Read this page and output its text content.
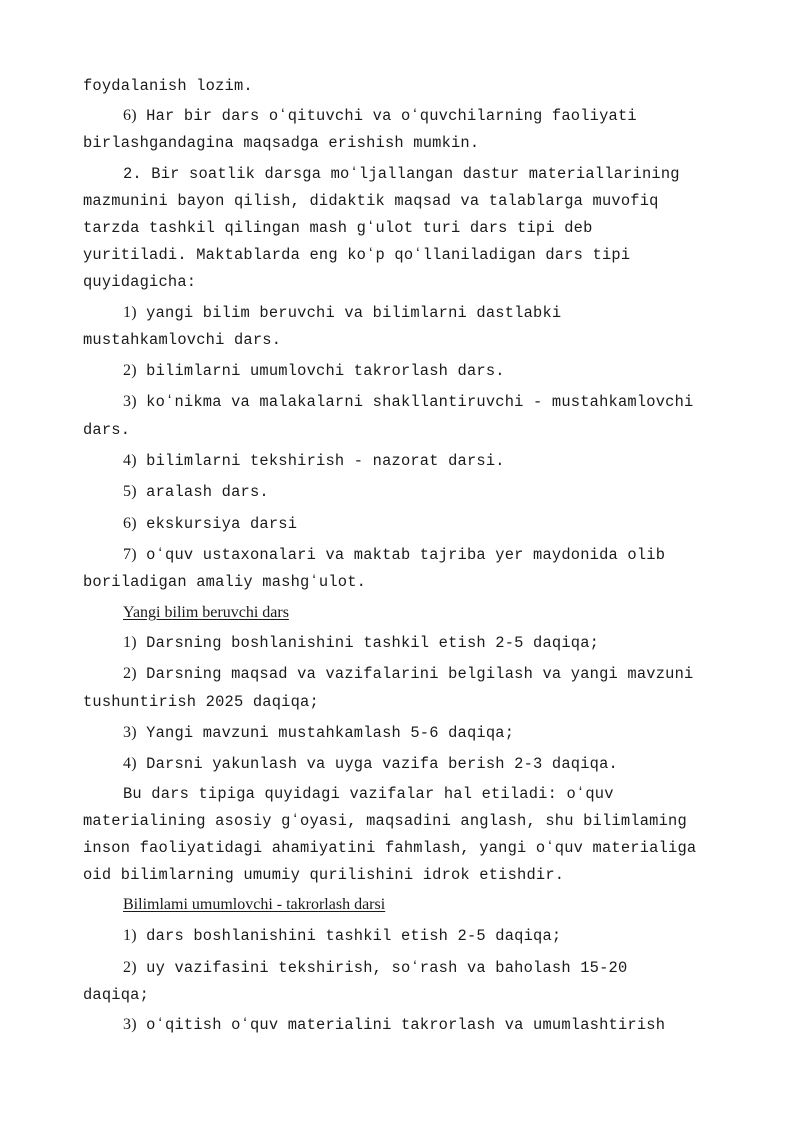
foydalanish lozim.
6) Har bir dars oʻqituvchi va oʻquvchilarning faoliyati
birlashgandagina maqsadga erishish mumkin.
2. Bir soatlik darsga moʻljallangan dastur materiallarining
mazmunini bayon qilish, didaktik maqsad va talablarga muvofiq
tarzda tashkil qilingan mash gʻulot turi dars tipi deb
yuritiladi. Maktablarda eng koʻp qoʻllaniladigan dars tipi
quyidagicha:
1) yangi bilim beruvchi va bilimlarni dastlabki
mustahkamlovchi dars.
2) bilimlarni umumlovchi takrorlash dars.
3) koʻnikma va malakalarni shakllantiruvchi - mustahkamlovchi
dars.
4) bilimlarni tekshirish - nazorat darsi.
5) aralash dars.
6) ekskursiya darsi
7) oʻquv ustaxonalari va maktab tajriba yer maydonida olib
boriladigan amaliy mashgʻulot.
Yangi bilim beruvchi dars
1) Darsning boshlanishini tashkil etish 2-5 daqiqa;
2) Darsning maqsad va vazifalarini belgilash va yangi mavzuni
tushuntirish 2025 daqiqa;
3) Yangi mavzuni mustahkamlash 5-6 daqiqa;
4) Darsni yakunlash va uyga vazifa berish 2-3 daqiqa.
Bu dars tipiga quyidagi vazifalar hal etiladi: oʻquv
materialining asosiy gʻoyasi, maqsadini anglash, shu bilimlaming
inson faoliyatidagi ahamiyatini fahmlash, yangi oʻquv materialiga
oid bilimlarning umumiy qurilishini idrok etishdir.
Bilimlami umumlovchi - takrorlash darsi
1) dars boshlanishini tashkil etish 2-5 daqiqa;
2) uy vazifasini tekshirish, soʻrash va baholash 15-20
daqiqa;
3) oʻqitish oʻquv materialini takrorlash va umumlashtirish
